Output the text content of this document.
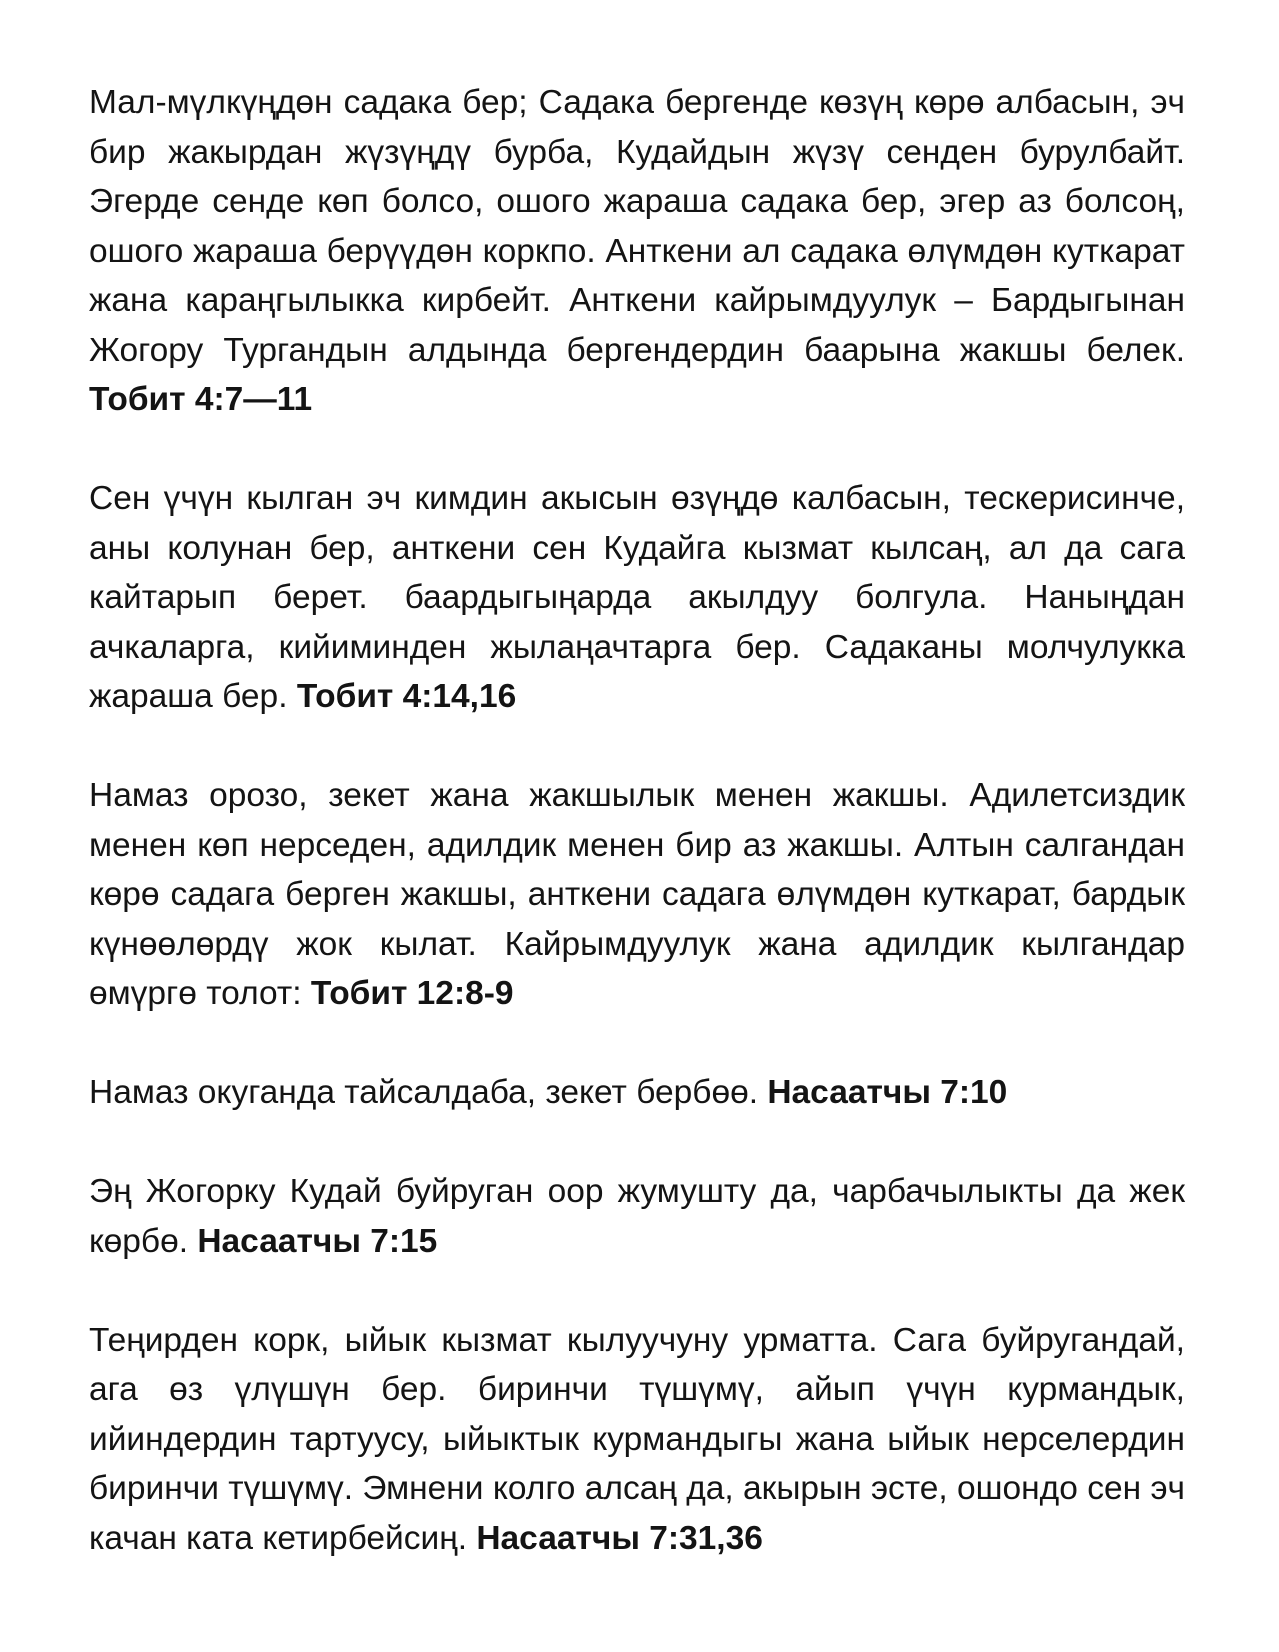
Мал-мүлкүңдөн садака бер; Садака бергенде көзүң көрө албасын, эч бир жакырдан жүзүңдү бурба, Кудайдын жүзү сенден бурулбайт. Эгерде сенде көп болсо, ошого жараша садака бер, эгер аз болсоң, ошого жараша берүүдөн коркпо. Анткени ал садака өлүмдөн куткарат жана караңгылыкка кирбейт. Анткени кайрымдуулук – Бардыгынан Жогору Тургандын алдында бергендердин баарына жакшы белек. Тобит 4:7—11

Сен үчүн кылган эч кимдин акысын өзүңдө калбасын, тескерисинче, аны колунан бер, анткени сен Кудайга кызмат кылсаң, ал да сага кайтарып берет. баардыгыңарда акылдуу болгула. Наныңдан ачкаларга, кийиминден жылаңачтарга бер. Садаканы молчулукка жараша бер. Тобит 4:14,16

Намаз орозо, зекет жана жакшылык менен жакшы. Адилетсиздик менен көп нерседен, адилдик менен бир аз жакшы. Алтын салгандан көрө садага берген жакшы, анткени садага өлүмдөн куткарат, бардык күнөөлөрдү жок кылат. Кайрымдуулук жана адилдик кылгандар өмүргө толот: Тобит 12:8-9

Намаз окуганда тайсалдаба, зекет бербөө. Насаатчы 7:10

Эң Жогорку Кудай буйруган оор жумушту да, чарбачылыкты да жек көрбө. Насаатчы 7:15

Теңирден корк, ыйык кызмат кылуучуну урматта. Сага буйругандай, ага өз үлүшүн бер. биринчи түшүмү, айып үчүн курмандык, ийиндердин тартуусу, ыйыктык курмандыгы жана ыйык нерселердин биринчи түшүмү. Эмнени колго алсаң да, акырын эсте, ошондо сен эч качан ката кетирбейсиң. Насаатчы 7:31,36
